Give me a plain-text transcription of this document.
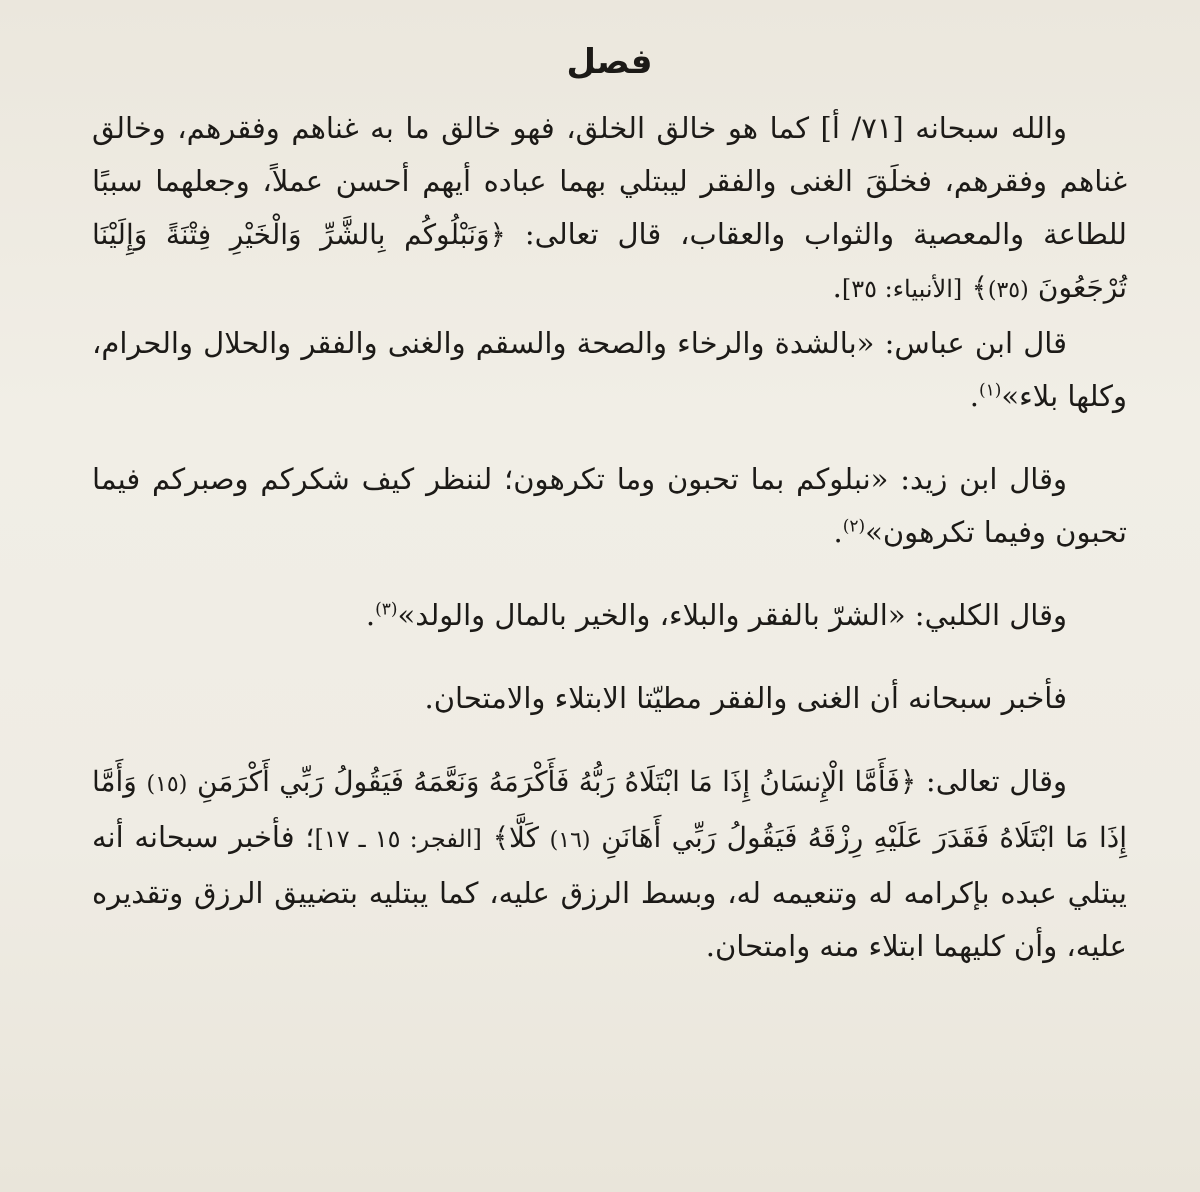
فصل

والله سبحانه [٧١/ أ] كما هو خالق الخلق، فهو خالق ما به غناهم وفقرهم، وخالق غناهم وفقرهم، فخلَقَ الغنى والفقر ليبتلي بهما عباده أيهم أحسن عملاً، وجعلهما سببًا للطاعة والمعصية والثواب والعقاب، قال تعالى: ﴿وَنَبْلُوكُم بِالشَّرِّ وَالْخَيْرِ فِتْنَةً وَإِلَيْنَا تُرْجَعُونَ (٣٥)﴾ [الأنبياء: ٣٥].

قال ابن عباس: «بالشدة والرخاء والصحة والسقم والغنى والفقر والحلال والحرام، وكلها بلاء»$^{(١)}$.

وقال ابن زيد: «نبلوكم بما تحبون وما تكرهون؛ لننظر كيف شكركم وصبركم فيما تحبون وفيما تكرهون»$^{(٢)}$.

وقال الكلبي: «الشرّ بالفقر والبلاء، والخير بالمال والولد»$^{(٣)}$.

فأخبر سبحانه أن الغنى والفقر مطيّتا الابتلاء والامتحان.

وقال تعالى: ﴿فَأَمَّا الْإِنسَانُ إِذَا مَا ابْتَلَاهُ رَبُّهُ فَأَكْرَمَهُ وَنَعَّمَهُ فَيَقُولُ رَبِّي أَكْرَمَنِ (١٥) وَأَمَّا إِذَا مَا ابْتَلَاهُ فَقَدَرَ عَلَيْهِ رِزْقَهُ فَيَقُولُ رَبِّي أَهَانَنِ (١٦) كَلَّا﴾ [الفجر: ١٥ ـ ١٧]؛ فأخبر سبحانه أنه يبتلي عبده بإكرامه له وتنعيمه له، وبسط الرزق عليه، كما يبتليه بتضييق الرزق وتقديره عليه، وأن كليهما ابتلاء منه وامتحان.
